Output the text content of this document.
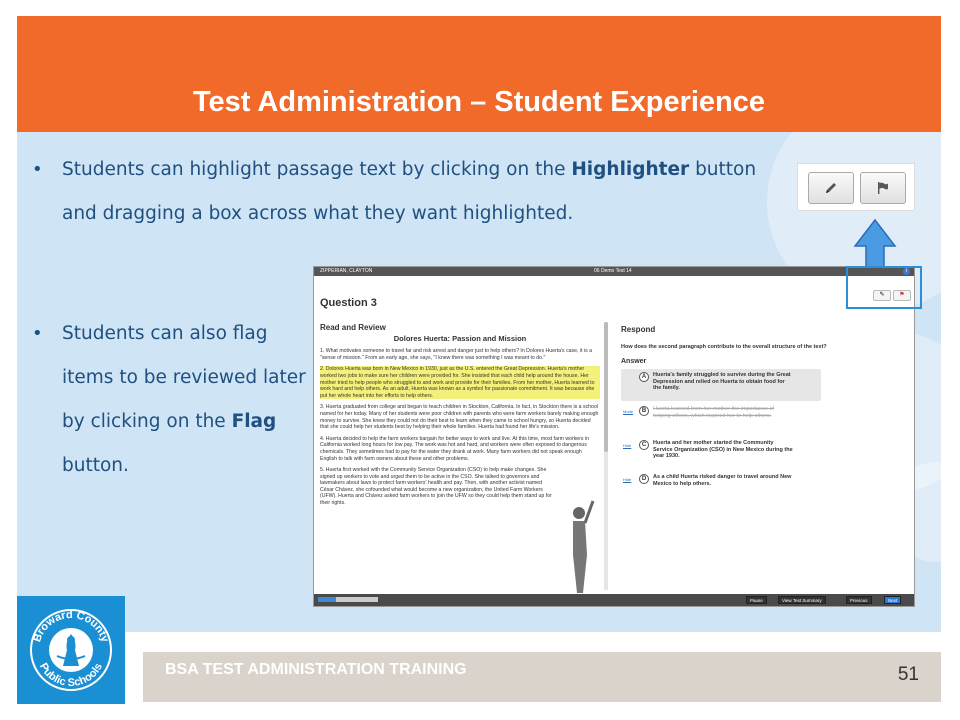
Test Administration – Student Experience
• Students can highlight passage text by clicking on the Highlighter button and dragging a box across what they want highlighted.
• Students can also flag items to be reviewed later by clicking on the Flag button.
ZIPPERIAN, CLAYTON	06 Demo Test 14	i
✎ ⚑
Question 3
Read and Review
Dolores Huerta: Passion and Mission

1. What motivates someone to travel far and risk arrest and danger just to help others? In Dolores Huerta's case, it is a "sense of mission." From an early age, she says, "I knew there was something I was meant to do."

2. Dolores Huerta was born in New Mexico in 1930, just as the U.S. entered the Great Depression. Huerta's mother worked two jobs to make sure her children were provided for. She insisted that each child help around the house. Her mother tried to help people who struggled to and work and provide for their families. From her mother, Huerta learned to work hard and help others. As an adult, Huerta was known as a symbol for passionate commitment. It was because she put her whole heart into her efforts to help others.

3. Huerta graduated from college and began to teach children in Stockton, California. In fact, in Stockton there is a school named for her today. Many of her students were poor children with parents who were farm workers barely making enough money to survive. She knew they could not do their best to learn when they came to school hungry, so Huerta decided that she could help her students best by helping their whole families. Huerta had found her life's mission.

4. Huerta decided to help the farm workers bargain for better ways to work and live. At this time, most farm workers in California worked long hours for low pay. The work was hot and hard, and workers were often exposed to dangerous chemicals. They sometimes had to pay for the water they drank at work. Many farm workers did not speak enough English to talk with farm owners about these and other problems.

5. Huerta first worked with the Community Service Organization (CSO) to help make changes. She signed up workers to vote and urged them to be active in the CSO. She talked to governors and lawmakers about laws to protect farm workers' health and pay. Then, with another activist named César Chávez, she cofounded what would become a new organization, the United Farm Workers (UFW). Huerta and Chávez asked farm workers to join the UFW so they could help them stand up for their rights.

Respond
How does the second paragraph contribute to the overall structure of the text?
Answer
A	Huerta's family struggled to survive during the Great Depression and relied on Huerta to obtain food for the family.
Mode	B	Huerta learned from her mother the importance of helping others, which inspired her to help others.
Hide	C	Huerta and her mother started the Community Service Organization (CSO) in New Mexico during the year 1930.
Hide	D	As a child Huerta risked danger to travel around New Mexico to help others.
Pause	View Test Summary	Previous	Next
Broward County
Public Schools	BSA TEST ADMINISTRATION TRAINING	51
